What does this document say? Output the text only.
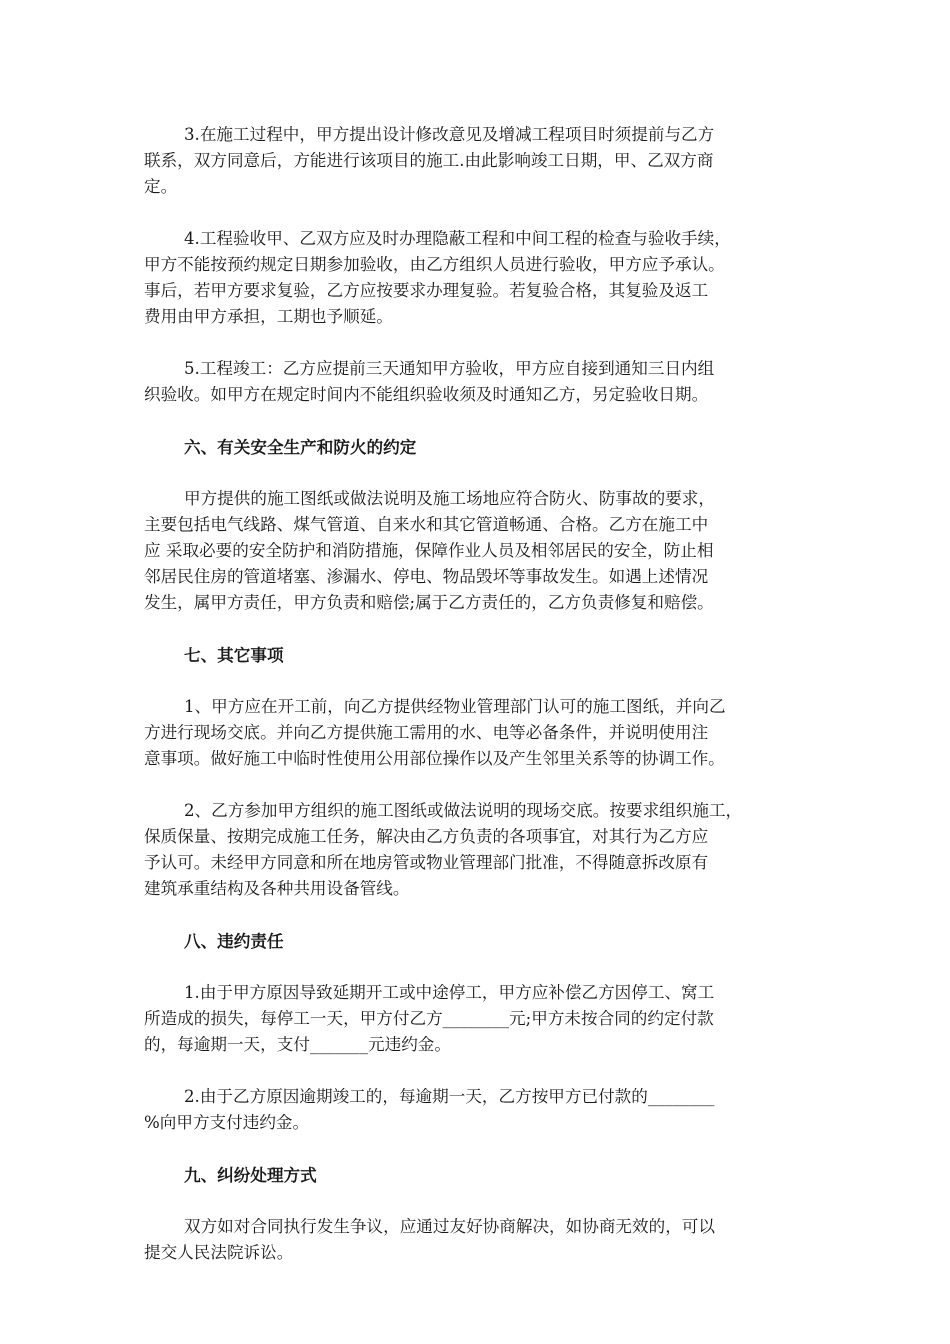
3.在施工过程中，甲方提出设计修改意见及增减工程项目时须提前与乙方
联系，双方同意后，方能进行该项目的施工.由此影响竣工日期，甲、乙双方商
定。
4.工程验收甲、乙双方应及时办理隐蔽工程和中间工程的检查与验收手续，
甲方不能按预约规定日期参加验收，由乙方组织人员进行验收，甲方应予承认。
事后，若甲方要求复验，乙方应按要求办理复验。若复验合格，其复验及返工
费用由甲方承担，工期也予顺延。
5.工程竣工：乙方应提前三天通知甲方验收，甲方应自接到通知三日内组
织验收。如甲方在规定时间内不能组织验收须及时通知乙方，另定验收日期。
六、有关安全生产和防火的约定
甲方提供的施工图纸或做法说明及施工场地应符合防火、防事故的要求，
主要包括电气线路、煤气管道、自来水和其它管道畅通、合格。乙方在施工中
应 采取必要的安全防护和消防措施，保障作业人员及相邻居民的安全，防止相
邻居民住房的管道堵塞、渗漏水、停电、物品毁坏等事故发生。如遇上述情况
发生，属甲方责任，甲方负责和赔偿;属于乙方责任的，乙方负责修复和赔偿。
七、其它事项
1、甲方应在开工前，向乙方提供经物业管理部门认可的施工图纸，并向乙
方进行现场交底。并向乙方提供施工需用的水、电等必备条件，并说明使用注
意事项。做好施工中临时性使用公用部位操作以及产生邻里关系等的协调工作。
2、乙方参加甲方组织的施工图纸或做法说明的现场交底。按要求组织施工，
保质保量、按期完成施工任务，解决由乙方负责的各项事宜，对其行为乙方应
予认可。未经甲方同意和所在地房管或物业管理部门批准，不得随意拆改原有
建筑承重结构及各种共用设备管线。
八、违约责任
1.由于甲方原因导致延期开工或中途停工，甲方应补偿乙方因停工、窝工
所造成的损失，每停工一天，甲方付乙方________元;甲方未按合同的约定付款
的，每逾期一天，支付_______元违约金。
2.由于乙方原因逾期竣工的，每逾期一天，乙方按甲方已付款的________
%向甲方支付违约金。
九、纠纷处理方式
双方如对合同执行发生争议，应通过友好协商解决，如协商无效的，可以
提交人民法院诉讼。
